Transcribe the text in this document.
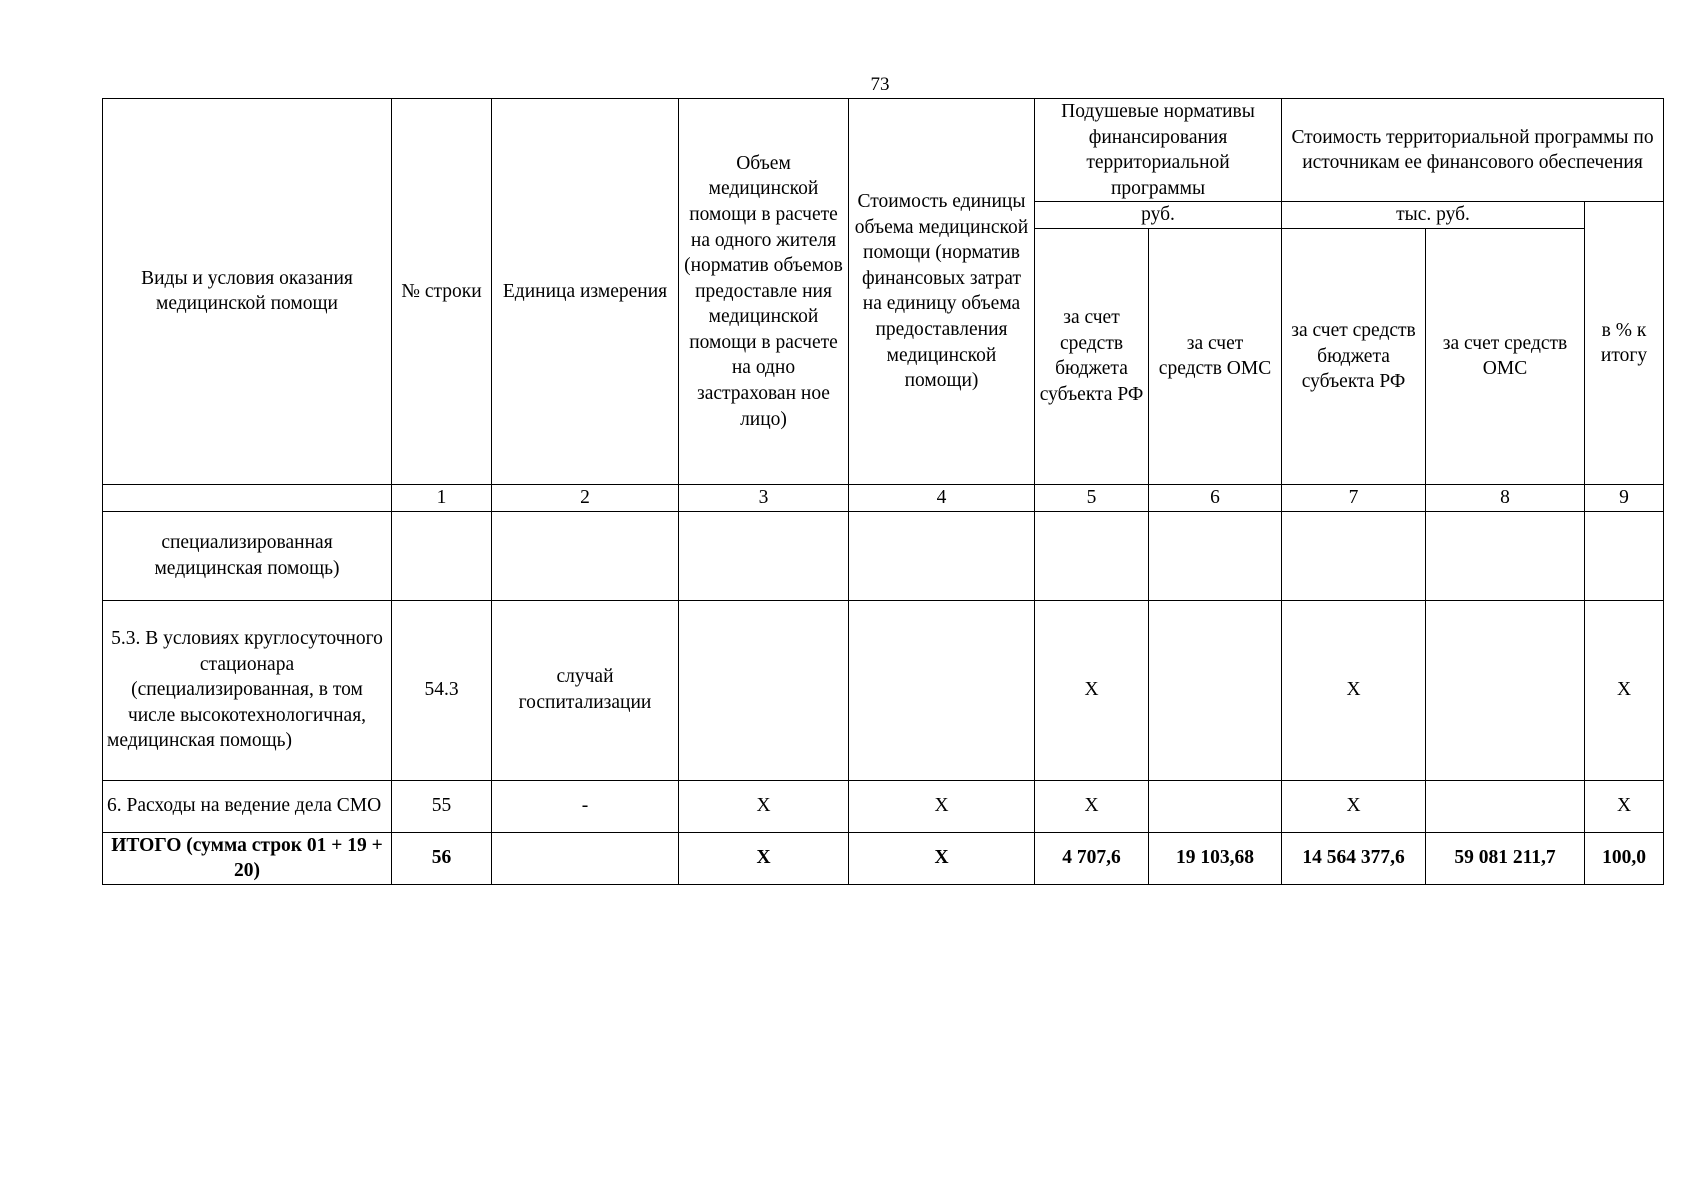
73
Виды и условия оказания медицинской помощи	№ строки	Единица измерения	Объем медицинской помощи в расчете на одного жителя (норматив объемов предоставле ния медицинской помощи в расчете на одно застрахован ное лицо)	Стоимость единицы объема медицинской помощи (норматив финансовых затрат на единицу объема предоставления медицинской помощи)	Подушевые нормативы финансирования территориальной программы		Стоимость территориальной программы по источникам ее финансового обеспечения		
					руб.		тыс. руб.		в % к итогу
					за счет средств бюджета субъекта РФ	за счет средств ОМС	за счет средств бюджета субъекта РФ	за счет средств ОМС	
	1	2	3	4	5	6	7	8	9
специализированная медицинская помощь)									
5.3. В условиях круглосуточного стационара (специализированная, в том числе высокотехнологичная, медицинская помощь)	54.3	случай госпитализации			Х		Х		Х
6. Расходы на ведение дела СМО	55	-	Х	Х	Х		Х		Х
ИТОГО (сумма строк 01 + 19 + 20)	56		Х	Х	4 707,6	19 103,68	14 564 377,6	59 081 211,7	100,0
